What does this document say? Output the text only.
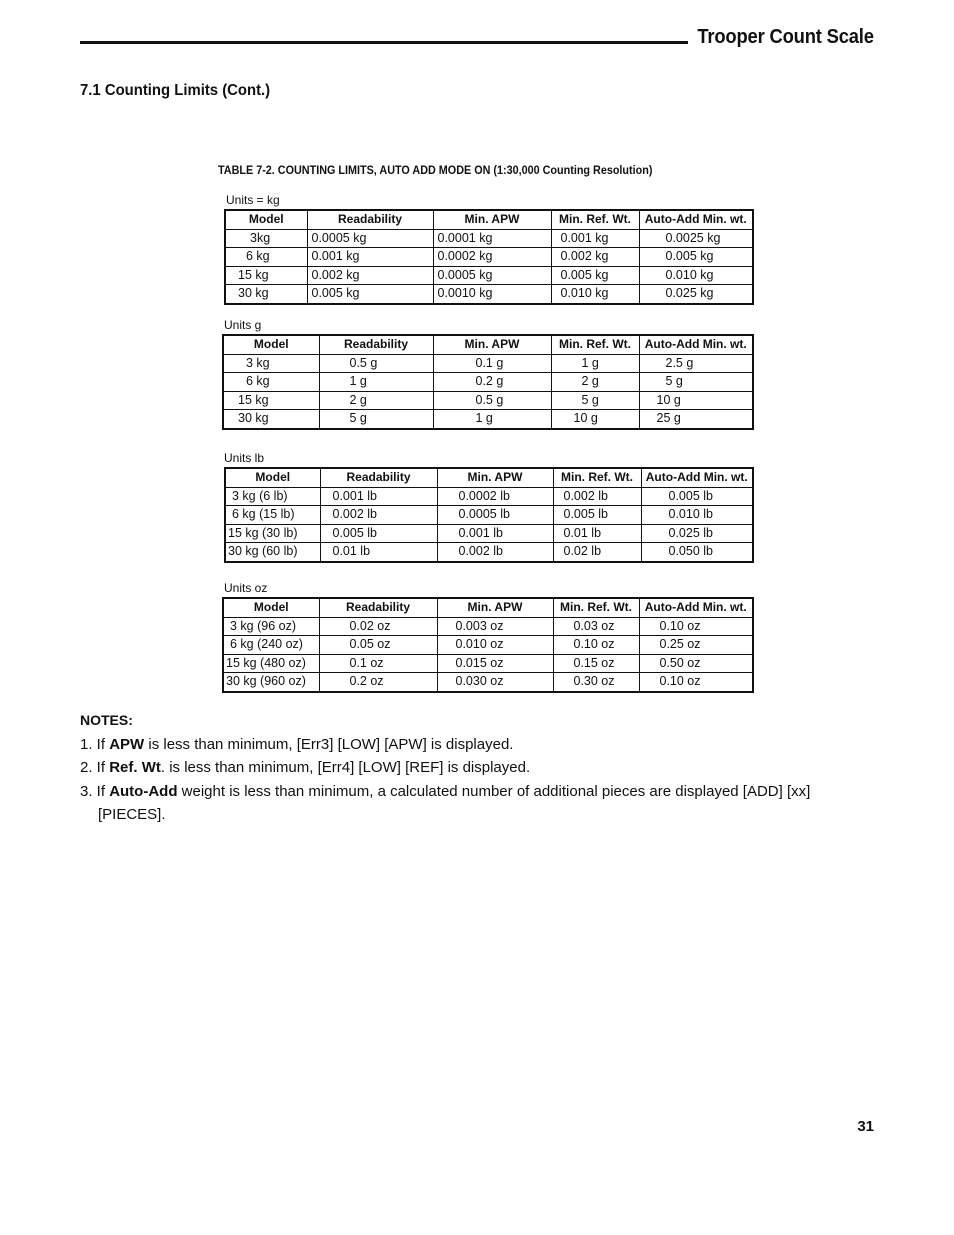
Trooper Count Scale
7.1 Counting Limits (Cont.)
TABLE 7-2. COUNTING LIMITS, AUTO ADD MODE ON (1:30,000 Counting Resolution)
Units = kg
Model	Readability	Min. APW	Min. Ref. Wt.	Auto-Add Min. wt.
3kg	0.0005 kg	0.0001 kg	0.001 kg	0.0025 kg
6 kg	0.001 kg	0.0002 kg	0.002 kg	0.005 kg
15 kg	0.002 kg	0.0005 kg	0.005 kg	0.010 kg
30 kg	0.005 kg	0.0010 kg	0.010 kg	0.025 kg
Units g
Model	Readability	Min. APW	Min. Ref. Wt.	Auto-Add Min. wt.
3 kg	0.5 g	0.1 g	1 g	2.5 g
6 kg	1 g	0.2 g	2 g	5 g
15 kg	2 g	0.5 g	5 g	10 g
30 kg	5 g	1 g	10 g	25 g
Units lb
Model	Readability	Min. APW	Min. Ref. Wt.	Auto-Add Min. wt.
3 kg (6 lb)	0.001 lb	0.0002 lb	0.002 lb	0.005 lb
6 kg (15 lb)	0.002 lb	0.0005 lb	0.005 lb	0.010 lb
15 kg (30 lb)	0.005 lb	0.001 lb	0.01 lb	0.025 lb
30 kg (60 lb)	0.01 lb	0.002 lb	0.02 lb	0.050 lb
Units oz
Model	Readability	Min. APW	Min. Ref. Wt.	Auto-Add Min. wt.
3 kg (96 oz)	0.02 oz	0.003 oz	0.03 oz	0.10 oz
6 kg (240 oz)	0.05 oz	0.010 oz	0.10 oz	0.25 oz
15 kg (480 oz)	0.1 oz	0.015 oz	0.15 oz	0.50 oz
30 kg (960 oz)	0.2 oz	0.030 oz	0.30 oz	0.10 oz
NOTES:
1. If APW is less than minimum, [Err3] [LOW] [APW] is displayed.
2. If Ref. Wt. is less than minimum, [Err4] [LOW] [REF] is displayed.
3. If Auto-Add weight is less than minimum, a calculated number of additional pieces are displayed [ADD] [xx] [PIECES].
31
